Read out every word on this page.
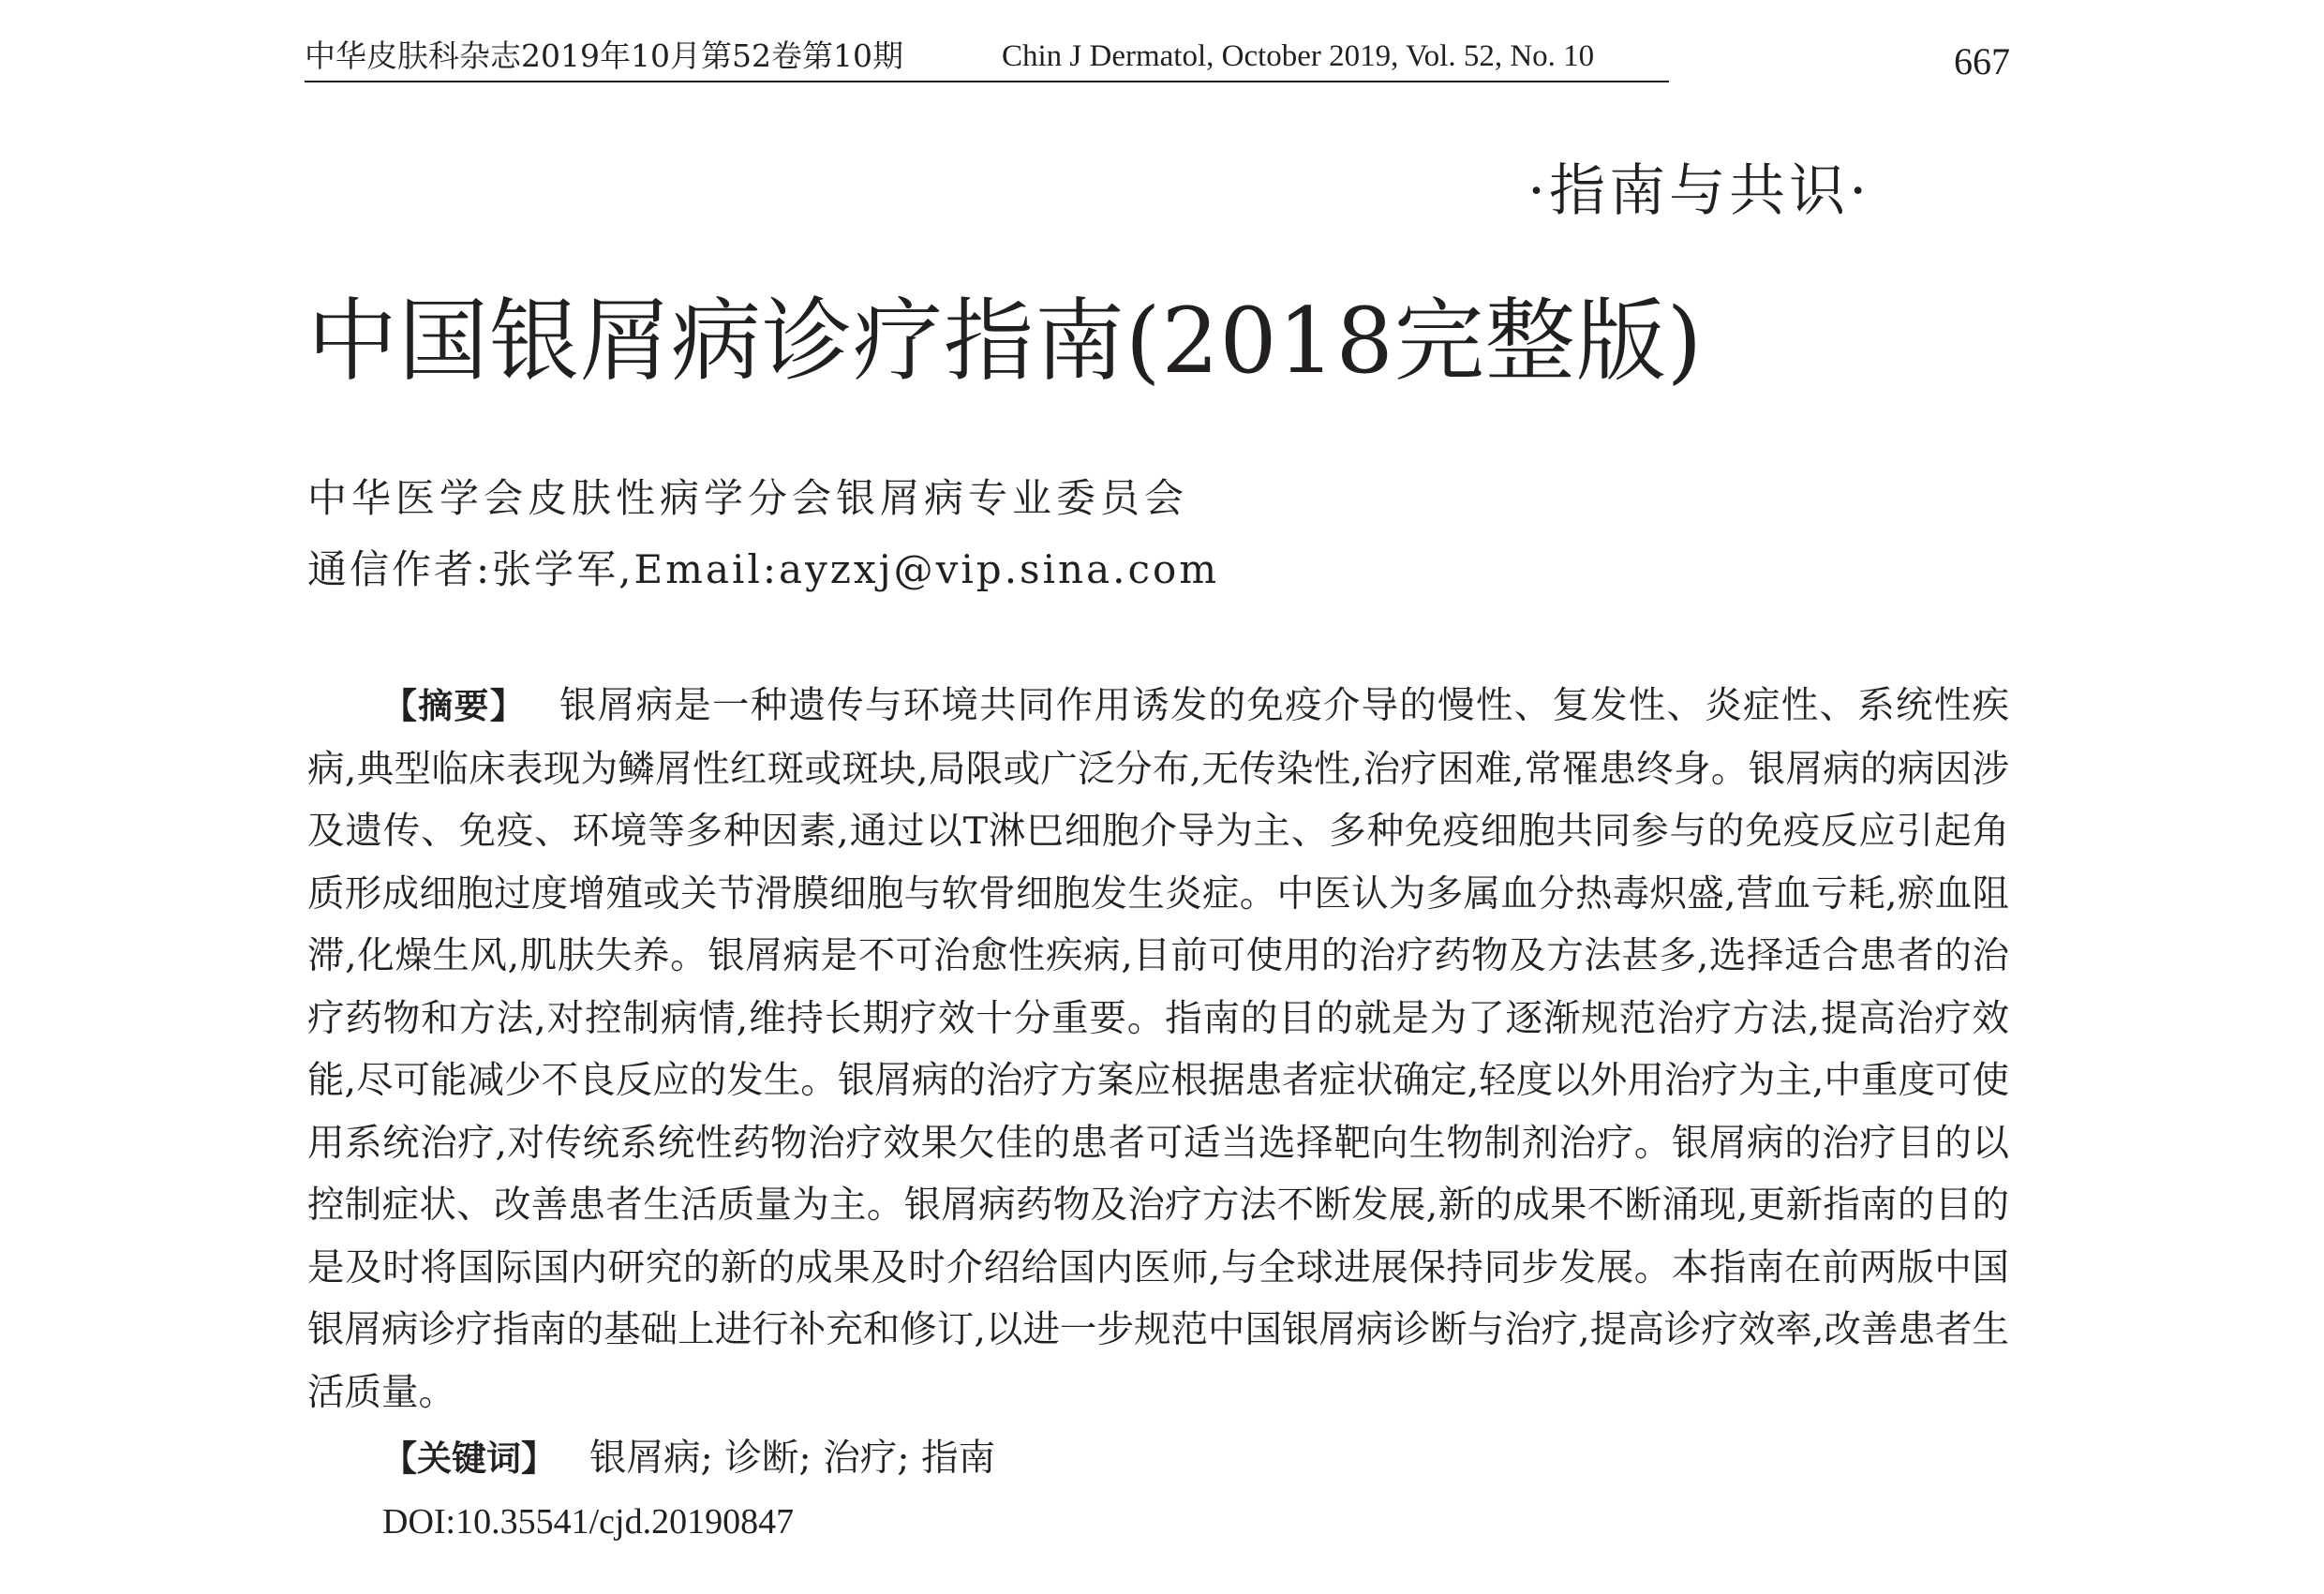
中华皮肤科杂志2019年10月第52卷第10期	Chin J Dermatol, October 2019, Vol. 52, No. 10	667
·指南与共识·
中国银屑病诊疗指南(2018完整版)
中华医学会皮肤性病学分会银屑病专业委员会
通信作者:张学军,Email:ayzxj@vip.sina.com

【摘要】 银屑病是一种遗传与环境共同作用诱发的免疫介导的慢性、复发性、炎症性、系统性疾病,典型临床表现为鳞屑性红斑或斑块,局限或广泛分布,无传染性,治疗困难,常罹患终身。银屑病的病因涉及遗传、免疫、环境等多种因素,通过以T淋巴细胞介导为主、多种免疫细胞共同参与的免疫反应引起角质形成细胞过度增殖或关节滑膜细胞与软骨细胞发生炎症。中医认为多属血分热毒炽盛,营血亏耗,瘀血阻滞,化燥生风,肌肤失养。银屑病是不可治愈性疾病,目前可使用的治疗药物及方法甚多,选择适合患者的治疗药物和方法,对控制病情,维持长期疗效十分重要。指南的目的就是为了逐渐规范治疗方法,提高治疗效能,尽可能减少不良反应的发生。银屑病的治疗方案应根据患者症状确定,轻度以外用治疗为主,中重度可使用系统治疗,对传统系统性药物治疗效果欠佳的患者可适当选择靶向生物制剂治疗。银屑病的治疗目的以控制症状、改善患者生活质量为主。银屑病药物及治疗方法不断发展,新的成果不断涌现,更新指南的目的是及时将国际国内研究的新的成果及时介绍给国内医师,与全球进展保持同步发展。本指南在前两版中国银屑病诊疗指南的基础上进行补充和修订,以进一步规范中国银屑病诊断与治疗,提高诊疗效率,改善患者生活质量。

【关键词】 银屑病; 诊断; 治疗; 指南
DOI:10.35541/cjd.20190847
